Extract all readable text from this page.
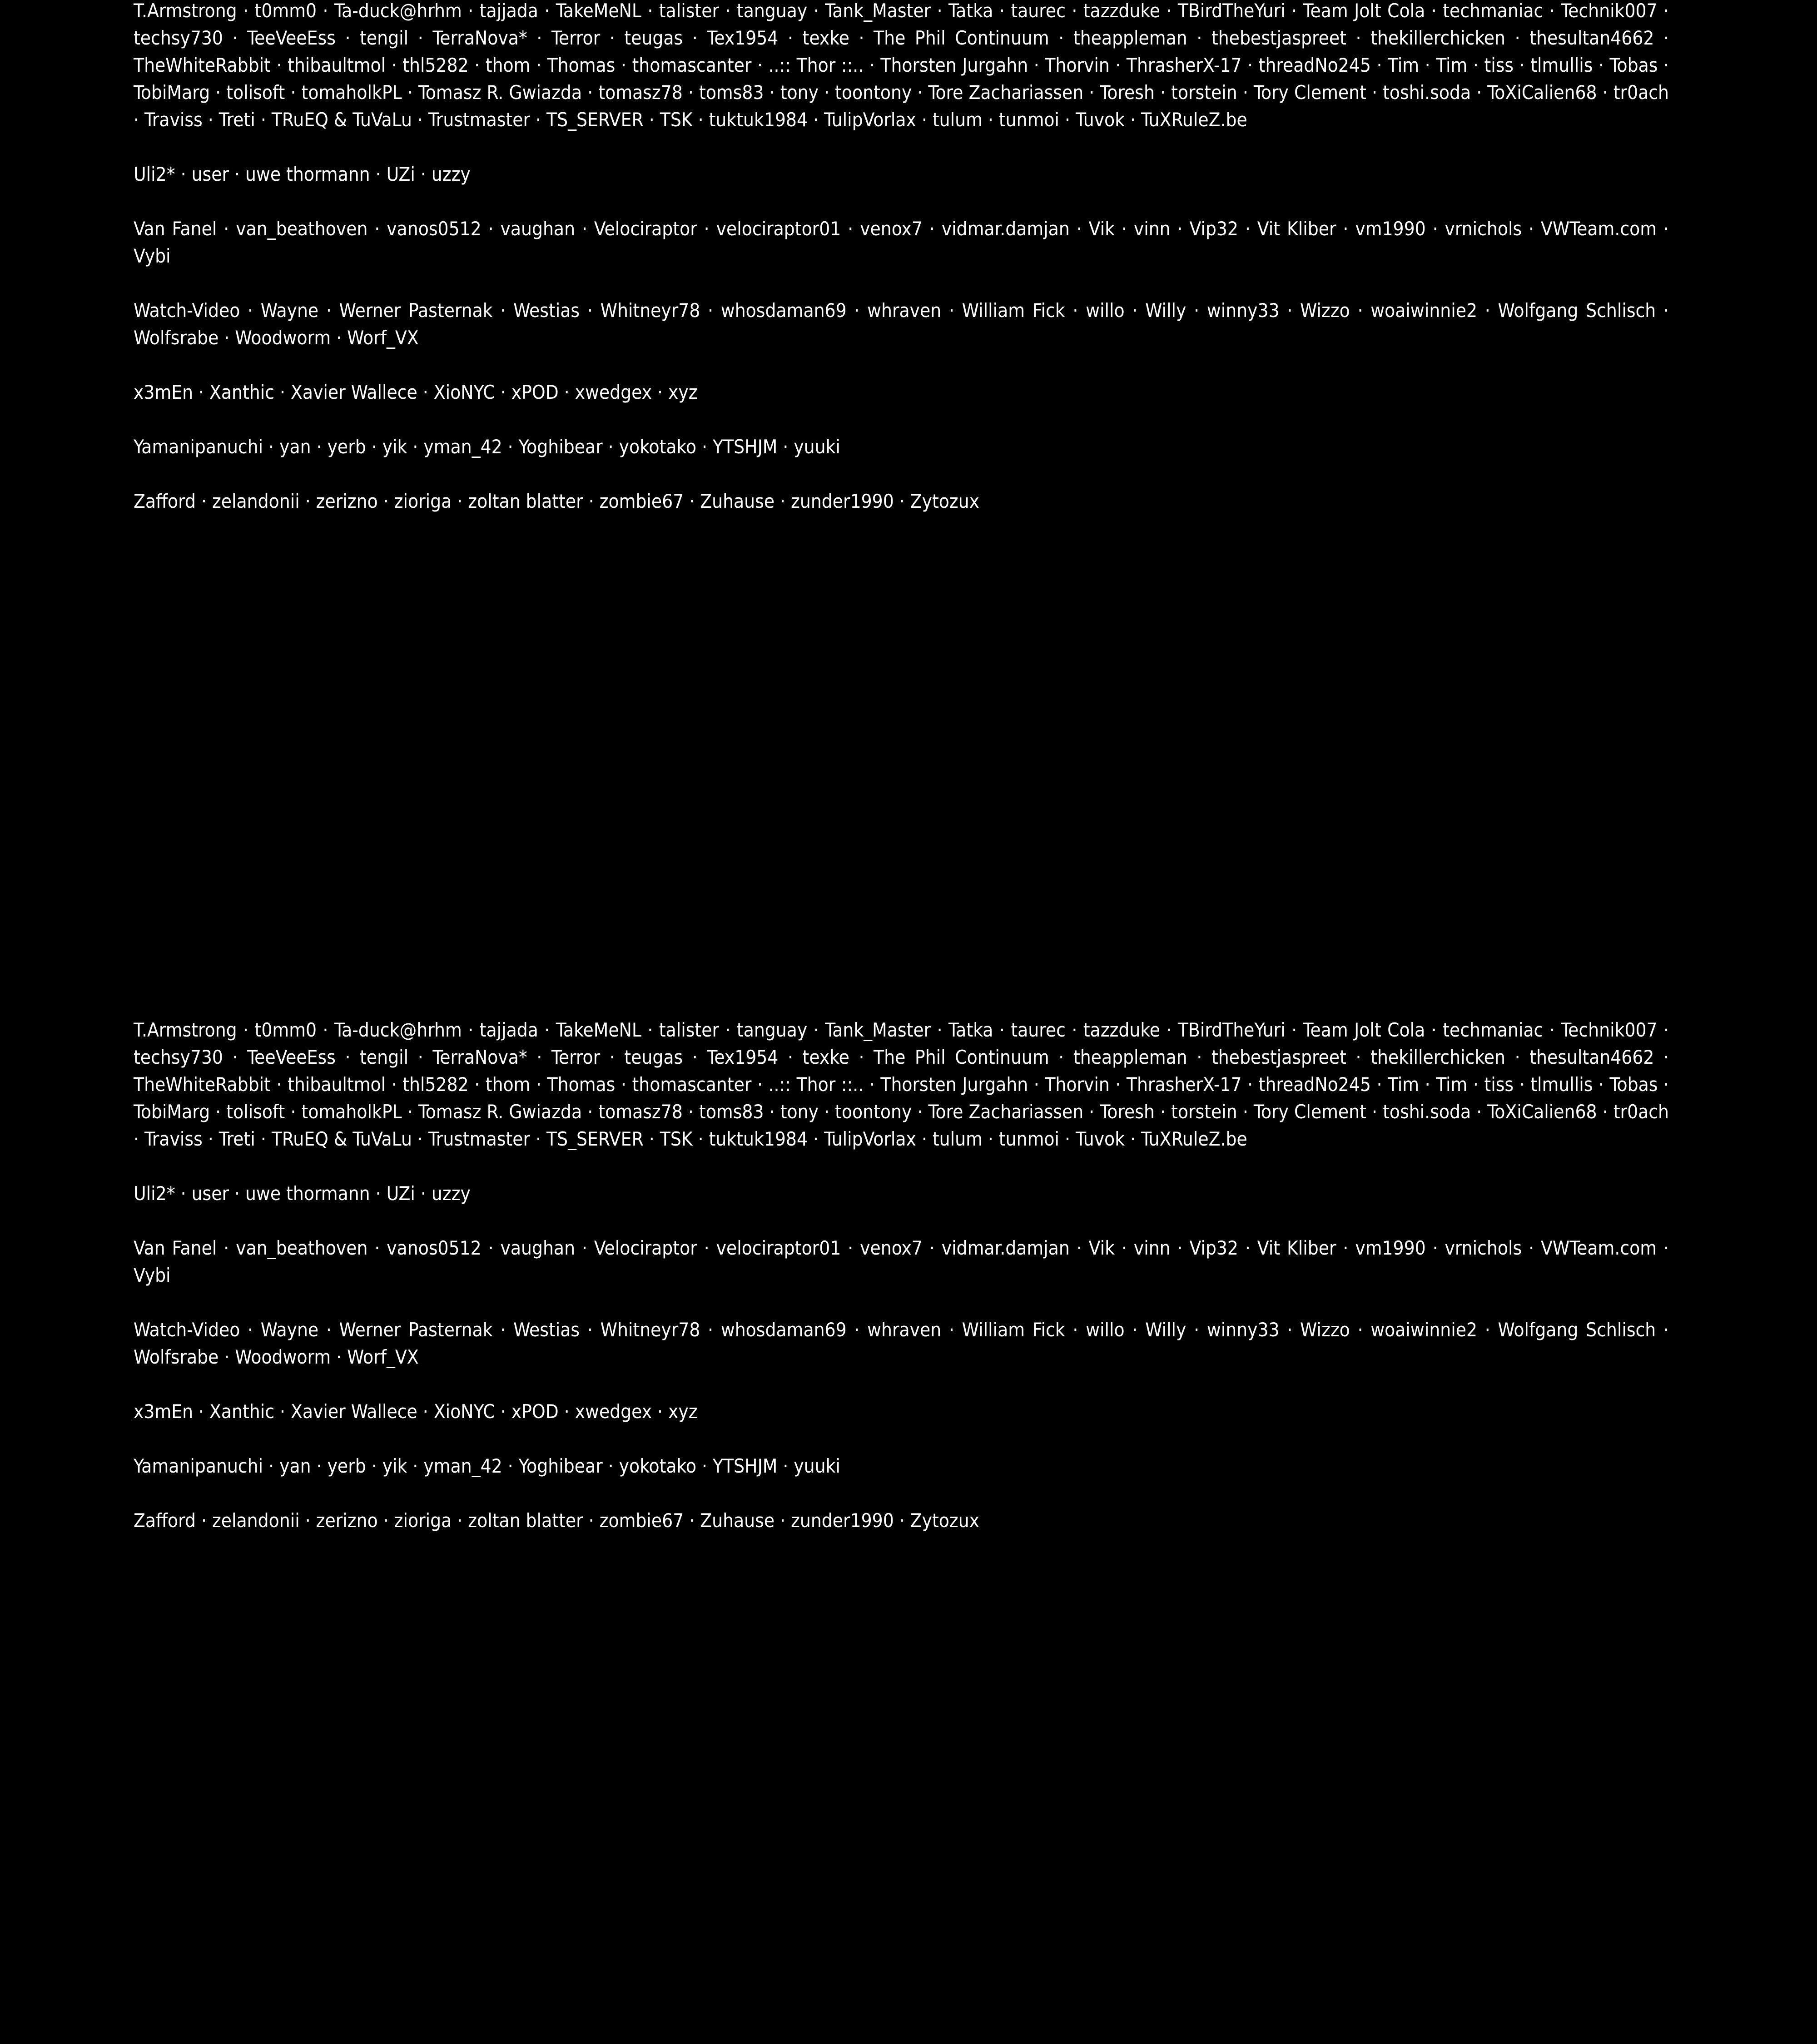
T.Armstrong · t0mm0 · Ta-duck@hrhm · tajjada · TakeMeNL · talister · tanguay · Tank_Master · Tatka · taurec · tazzduke · TBirdTheYuri · Team Jolt Cola · techmaniac · Technik007 · techsy730 · TeeVeeEss · tengil · TerraNova* · Terror · teugas · Tex1954 · texke · The Phil Continuum · theappleman · thebestjaspreet · thekillerchicken · thesultan4662 · TheWhiteRabbit · thibaultmol · thl5282 · thom · Thomas · thomascanter · ..:: Thor ::.. · Thorsten Jurgahn · Thorvin · ThrasherX-17 · threadNo245 · Tim · Tim · tiss · tlmullis · Tobas · TobiMarg · tolisoft · tomaholkPL · Tomasz R. Gwiazda · tomasz78 · toms83 · tony · toontony · Tore Zachariassen · Toresh · torstein · Tory Clement · toshi.soda · ToXiCalien68 · tr0ach · Traviss · Treti · TRuEQ & TuVaLu · Trustmaster · TS_SERVER · TSK · tuktuk1984 · TulipVorlax · tulum · tunmoi · Tuvok · TuXRuleZ.be

Uli2* · user · uwe thormann · UZi · uzzy

Van Fanel · van_beathoven · vanos0512 · vaughan · Velociraptor · velociraptor01 · venox7 · vidmar.damjan · Vik · vinn · Vip32 · Vit Kliber · vm1990 · vrnichols · VWTeam.com · Vybi

Watch-Video · Wayne · Werner Pasternak · Westias · Whitneyr78 · whosdaman69 · whraven · William Fick · willo · Willy · winny33 · Wizzo · woaiwinnie2 · Wolfgang Schlisch · Wolfsrabe · Woodworm · Worf_VX

x3mEn · Xanthic · Xavier Wallece · XioNYC · xPOD · xwedgex · xyz

Yamanipanuchi · yan · yerb · yik · yman_42 · Yoghibear · yokotako · YTSHJM · yuuki

Zafford · zelandonii · zerizno · zioriga · zoltan blatter · zombie67 · Zuhause · zunder1990 · Zytozux

T.Armstrong · t0mm0 · Ta-duck@hrhm · tajjada · TakeMeNL · talister · tanguay · Tank_Master · Tatka · taurec · tazzduke · TBirdTheYuri · Team Jolt Cola · techmaniac · Technik007 · techsy730 · TeeVeeEss · tengil · TerraNova* · Terror · teugas · Tex1954 · texke · The Phil Continuum · theappleman · thebestjaspreet · thekillerchicken · thesultan4662 · TheWhiteRabbit · thibaultmol · thl5282 · thom · Thomas · thomascanter · ..:: Thor ::.. · Thorsten Jurgahn · Thorvin · ThrasherX-17 · threadNo245 · Tim · Tim · tiss · tlmullis · Tobas · TobiMarg · tolisoft · tomaholkPL · Tomasz R. Gwiazda · tomasz78 · toms83 · tony · toontony · Tore Zachariassen · Toresh · torstein · Tory Clement · toshi.soda · ToXiCalien68 · tr0ach · Traviss · Treti · TRuEQ & TuVaLu · Trustmaster · TS_SERVER · TSK · tuktuk1984 · TulipVorlax · tulum · tunmoi · Tuvok · TuXRuleZ.be

Uli2* · user · uwe thormann · UZi · uzzy

Van Fanel · van_beathoven · vanos0512 · vaughan · Velociraptor · velociraptor01 · venox7 · vidmar.damjan · Vik · vinn · Vip32 · Vit Kliber · vm1990 · vrnichols · VWTeam.com · Vybi

Watch-Video · Wayne · Werner Pasternak · Westias · Whitneyr78 · whosdaman69 · whraven · William Fick · willo · Willy · winny33 · Wizzo · woaiwinnie2 · Wolfgang Schlisch · Wolfsrabe · Woodworm · Worf_VX

x3mEn · Xanthic · Xavier Wallece · XioNYC · xPOD · xwedgex · xyz

Yamanipanuchi · yan · yerb · yik · yman_42 · Yoghibear · yokotako · YTSHJM · yuuki

Zafford · zelandonii · zerizno · zioriga · zoltan blatter · zombie67 · Zuhause · zunder1990 · Zytozux
